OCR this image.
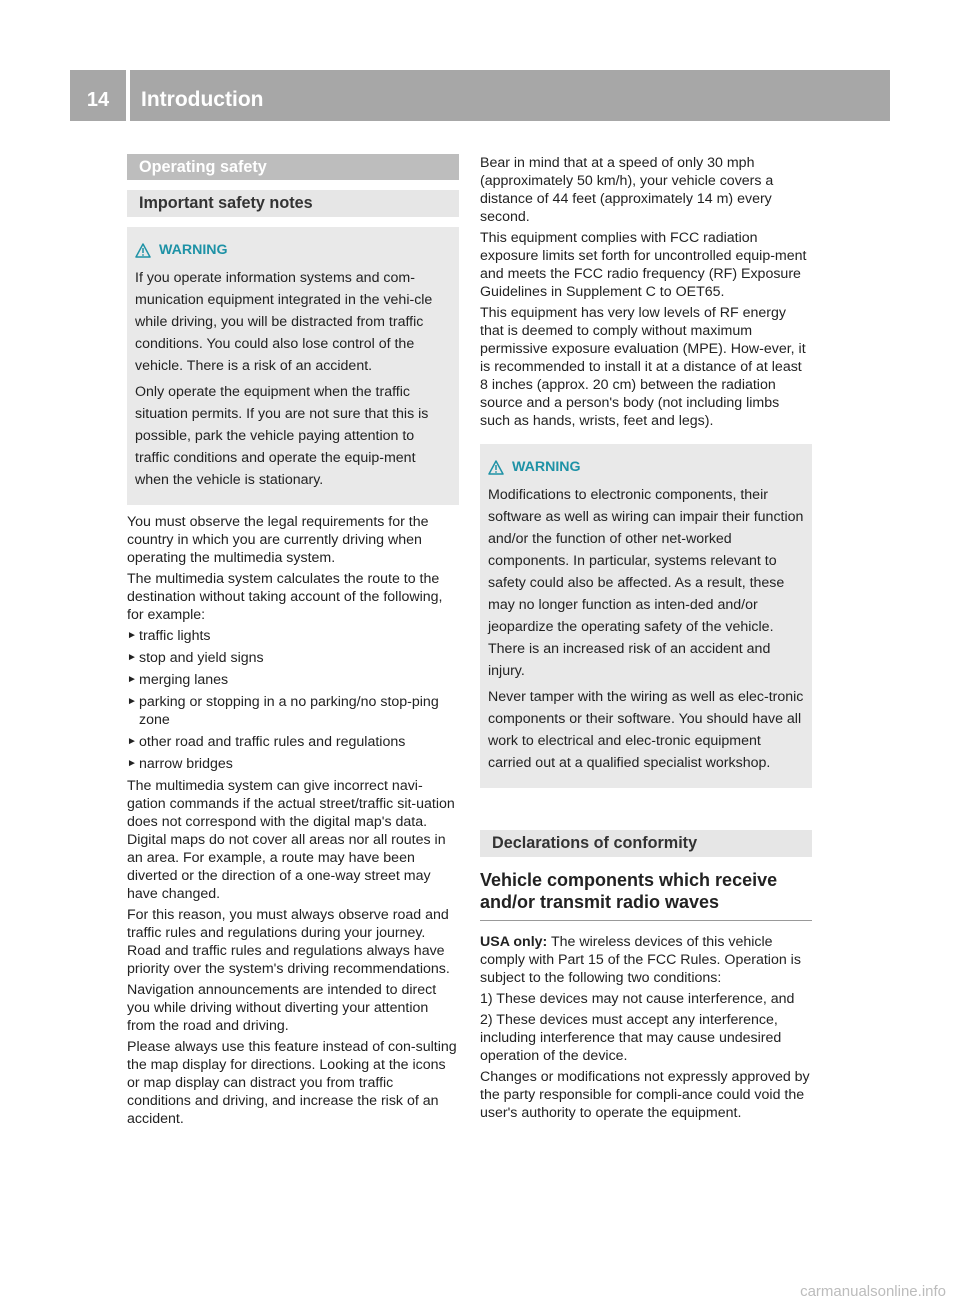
14	Introduction
Operating safety
Important safety notes
WARNING

If you operate information systems and com-munication equipment integrated in the vehi-cle while driving, you will be distracted from traffic conditions. You could also lose control of the vehicle. There is a risk of an accident.

Only operate the equipment when the traffic situation permits. If you are not sure that this is possible, park the vehicle paying attention to traffic conditions and operate the equip-ment when the vehicle is stationary.

You must observe the legal requirements for the country in which you are currently driving when operating the multimedia system.

The multimedia system calculates the route to the destination without taking account of the following, for example:

► traffic lights
► stop and yield signs
► merging lanes
► parking or stopping in a no parking/no stop-ping zone
► other road and traffic rules and regulations
► narrow bridges

The multimedia system can give incorrect navi-gation commands if the actual street/traffic sit-uation does not correspond with the digital map's data. Digital maps do not cover all areas nor all routes in an area. For example, a route may have been diverted or the direction of a one-way street may have changed.

For this reason, you must always observe road and traffic rules and regulations during your journey. Road and traffic rules and regulations always have priority over the system's driving recommendations.

Navigation announcements are intended to direct you while driving without diverting your attention from the road and driving.

Please always use this feature instead of con-sulting the map display for directions. Looking at the icons or map display can distract you from traffic conditions and driving, and increase the risk of an accident.

Bear in mind that at a speed of only 30 mph (approximately 50 km/h), your vehicle covers a distance of 44 feet (approximately 14 m) every second.

This equipment complies with FCC radiation exposure limits set forth for uncontrolled equip-ment and meets the FCC radio frequency (RF) Exposure Guidelines in Supplement C to OET65.

This equipment has very low levels of RF energy that is deemed to comply without maximum permissive exposure evaluation (MPE). How-ever, it is recommended to install it at a distance of at least 8 inches (approx. 20 cm) between the radiation source and a person's body (not including limbs such as hands, wrists, feet and legs).

WARNING

Modifications to electronic components, their software as well as wiring can impair their function and/or the function of other net-worked components. In particular, systems relevant to safety could also be affected. As a result, these may no longer function as inten-ded and/or jeopardize the operating safety of the vehicle. There is an increased risk of an accident and injury.

Never tamper with the wiring as well as elec-tronic components or their software. You should have all work to electrical and elec-tronic equipment carried out at a qualified specialist workshop.

Declarations of conformity
Vehicle components which receive and/or transmit radio waves

USA only: The wireless devices of this vehicle comply with Part 15 of the FCC Rules. Operation is subject to the following two conditions:

1) These devices may not cause interference, and

2) These devices must accept any interference, including interference that may cause undesired operation of the device.

Changes or modifications not expressly approved by the party responsible for compli-ance could void the user's authority to operate the equipment.

carmanualsonline.info
